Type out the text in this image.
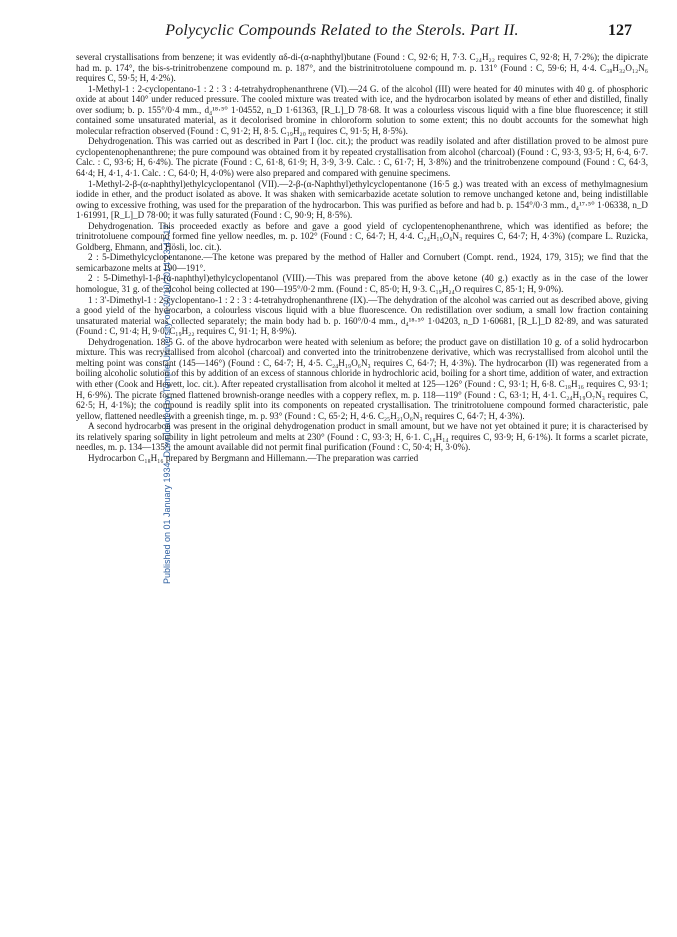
Polycyclic Compounds Related to the Sterols. Part II.	127
Published on 01 January 1934. Downloaded by Temple University on 30/10/2014 23:47:17.

several crystallisations from benzene; it was evidently αδ-di-(α-naphthyl)butane (Found : C, 92·6; H, 7·3. C₂₄H₂₂ requires C, 92·8; H, 7·2%); the dipicrate had m. p. 174°, the bis-s-trinitrobenzene compound m. p. 187°, and the bistrinitrotoluene compound m. p. 131° (Found : C, 59·6; H, 4·4. C₃₈H₃₂O₁₂N₆ requires C, 59·5; H, 4·2%).

1-Methyl-1 : 2-cyclopentano-1 : 2 : 3 : 4-tetrahydrophenanthrene (VI).—24 G. of the alcohol (III) were heated for 40 minutes with 40 g. of phosphoric oxide at about 140° under reduced pressure. The cooled mixture was treated with ice, and the hydrocarbon isolated by means of ether and distilled, finally over sodium; b. p. 155°/0·4 mm., d₄¹⁸·⁵° 1·04552, n_D 1·61363, [R_L]_D 78·68. It was a colourless viscous liquid with a fine blue fluorescence; it still contained some unsaturated material, as it decolorised bromine in chloroform solution to some extent; this no doubt accounts for the somewhat high molecular refraction observed (Found : C, 91·2; H, 8·5. C₁₉H₂₀ requires C, 91·5; H, 8·5%).

Dehydrogenation. This was carried out as described in Part I (loc. cit.); the product was readily isolated and after distillation proved to be almost pure cyclopentenophenanthrene; the pure compound was obtained from it by repeated crystallisation from alcohol (charcoal) (Found : C, 93·3, 93·5; H, 6·4, 6·7. Calc. : C, 93·6; H, 6·4%). The picrate (Found : C, 61·8, 61·9; H, 3·9, 3·9. Calc. : C, 61·7; H, 3·8%) and the trinitrobenzene compound (Found : C, 64·3, 64·4; H, 4·1, 4·1. Calc. : C, 64·0; H, 4·0%) were also prepared and compared with genuine specimens.

1-Methyl-2-β-(α-naphthyl)ethylcyclopentanol (VII).—2-β-(α-Naphthyl)ethylcyclopentanone (16·5 g.) was treated with an excess of methylmagnesium iodide in ether, and the product isolated as above. It was shaken with semicarbazide acetate solution to remove unchanged ketone and, being indistillable owing to excessive frothing, was used for the preparation of the hydrocarbon. This was purified as before and had b. p. 154°/0·3 mm., d₄¹⁷·⁵° 1·06338, n_D 1·61991, [R_L]_D 78·00; it was fully saturated (Found : C, 90·9; H, 8·5%).

Dehydrogenation. This proceeded exactly as before and gave a good yield of cyclopentenophenanthrene, which was identified as before; the trinitrotoluene compound formed fine yellow needles, m. p. 102° (Found : C, 64·7; H, 4·4. C₂₄H₁₉O₆N₃ requires C, 64·7; H, 4·3%) (compare L. Ruzicka, Goldberg, Ehmann, and Hösli, loc. cit.).

2 : 5-Dimethylcyclopentanone.—The ketone was prepared by the method of Haller and Cornubert (Compt. rend., 1924, 179, 315); we find that the semicarbazone melts at 190—191°.

2 : 5-Dimethyl-1-β-(α-naphthyl)ethylcyclopentanol (VIII).—This was prepared from the above ketone (40 g.) exactly as in the case of the lower homologue, 31 g. of the alcohol being collected at 190—195°/0·2 mm. (Found : C, 85·0; H, 9·3. C₁₉H₂₄O requires C, 85·1; H, 9·0%).

1 : 3′-Dimethyl-1 : 2-cyclopentano-1 : 2 : 3 : 4-tetrahydrophenanthrene (IX).—The dehydration of the alcohol was carried out as described above, giving a good yield of the hydrocarbon, a colourless viscous liquid with a blue fluorescence. On redistillation over sodium, a small low fraction containing unsaturated material was collected separately; the main body had b. p. 160°/0·4 mm., d₄¹⁸·⁵° 1·04203, n_D 1·60681, [R_L]_D 82·89, and was saturated (Found : C, 91·4; H, 9·0. C₁₉H₂₂ requires C, 91·1; H, 8·9%).

Dehydrogenation. 18·5 G. of the above hydrocarbon were heated with selenium as before; the product gave on distillation 10 g. of a solid hydrocarbon mixture. This was recrystallised from alcohol (charcoal) and converted into the trinitrobenzene derivative, which was recrystallised from alcohol until the melting point was constant (145—146°) (Found : C, 64·7; H, 4·5. C₂₄H₁₉O₆N₃ requires C, 64·7; H, 4·3%). The hydrocarbon (II) was regenerated from a boiling alcoholic solution of this by addition of an excess of stannous chloride in hydrochloric acid, boiling for a short time, addition of water, and extraction with ether (Cook and Hewett, loc. cit.). After repeated crystallisation from alcohol it melted at 125—126° (Found : C, 93·1; H, 6·8. C₁₈H₁₆ requires C, 93·1; H, 6·9%). The picrate formed flattened brownish-orange needles with a coppery reflex, m. p. 118—119° (Found : C, 63·1; H, 4·1. C₂₄H₁₉O₇N₃ requires C, 62·5; H, 4·1%); the compound is readily split into its components on repeated crystallisation. The trinitrotoluene compound formed characteristic, pale yellow, flattened needles with a greenish tinge, m. p. 93° (Found : C, 65·2; H, 4·6. C₂₅H₂₁O₆N₃ requires C, 64·7; H, 4·3%).

A second hydrocarbon was present in the original dehydrogenation product in small amount, but we have not yet obtained it pure; it is characterised by its relatively sparing solubility in light petroleum and melts at 230° (Found : C, 93·3; H, 6·1. C₁₈H₁₄ requires C, 93·9; H, 6·1%). It forms a scarlet picrate, needles, m. p. 134—135°; the amount available did not permit final purification (Found : C, 50·4; H, 3·0%).

Hydrocarbon C₁₈H₁₆ prepared by Bergmann and Hillemann.—The preparation was carried
